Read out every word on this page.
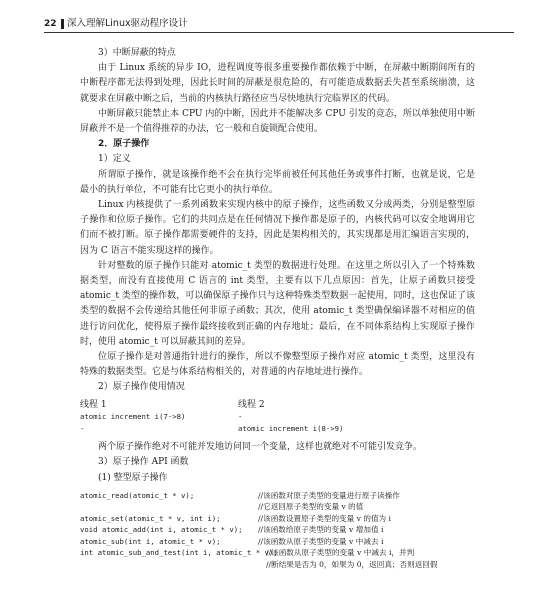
22 深入理解Linux驱动程序设计

3）中断屏蔽的特点

由于 Linux 系统的异步 IO，进程调度等很多重要操作都依赖于中断，在屏蔽中断期间所有的中断程序都无法得到处理，因此长时间的屏蔽是很危险的，有可能造成数据丢失甚至系统崩溃，这就要求在屏蔽中断之后，当前的内核执行路径应当尽快地执行完临界区的代码。

中断屏蔽只能禁止本 CPU 内的中断，因此并不能解决多 CPU 引发的竞态，所以单独使用中断屏蔽并不是一个值得推荐的办法，它一般和自旋锁配合使用。

2．原子操作

1）定义

所谓原子操作，就是该操作绝不会在执行完毕前被任何其他任务或事件打断，也就是说，它是最小的执行单位，不可能有比它更小的执行单位。

Linux 内核提供了一系列函数来实现内核中的原子操作，这些函数又分成两类，分别是整型原子操作和位原子操作。它们的共同点是在任何情况下操作都是原子的，内核代码可以安全地调用它们而不被打断。原子操作都需要硬件的支持，因此是架构相关的，其实现都是用汇编语言实现的，因为 C 语言不能实现这样的操作。

针对整数的原子操作只能对 atomic_t 类型的数据进行处理。在这里之所以引入了一个特殊数据类型，而没有直接使用 C 语言的 int 类型，主要有以下几点原因：首先，让原子函数只接受 atomic_t 类型的操作数，可以确保原子操作只与这种特殊类型数据一起使用，同时，这也保证了该类型的数据不会传递给其他任何非原子函数；其次，使用 atomic_t 类型确保编译器不对相应的值进行访问优化，使得原子操作最终接收到正确的内存地址；最后，在不同体系结构上实现原子操作时，使用 atomic_t 可以屏蔽其间的差异。

位原子操作是对普通指针进行的操作，所以不像整型原子操作对应 atomic_t 类型，这里没有特殊的数据类型。它是与体系结构相关的，对普通的内存地址进行操作。

2）原子操作使用情况

线程 1	线程 2
atomic increment i(7->8)	-
-	atomic increment i(8->9)

两个原子操作绝对不可能并发地访问同一个变量，这样也就绝对不可能引发竞争。

3）原子操作 API 函数

(1) 整型原子操作

atomic_read(atomic_t * v);	//该函数对原子类型的变量进行原子读操作
//它返回原子类型的变量 v 的值
atomic_set(atomic_t * v, int i);	//该函数设置原子类型的变量 v 的值为 i
void atomic_add(int i, atomic_t * v);	//该函数给原子类型的变量 v 增加值 i
atomic_sub(int i, atomic_t * v);	//该函数从原子类型的变量 v 中减去 i
int atomic_sub_and_test(int i, atomic_t * v);
//该函数从原子类型的变量 v 中减去 i，并判
//断结果是否为 0，如果为 0，返回真；否则返回假
